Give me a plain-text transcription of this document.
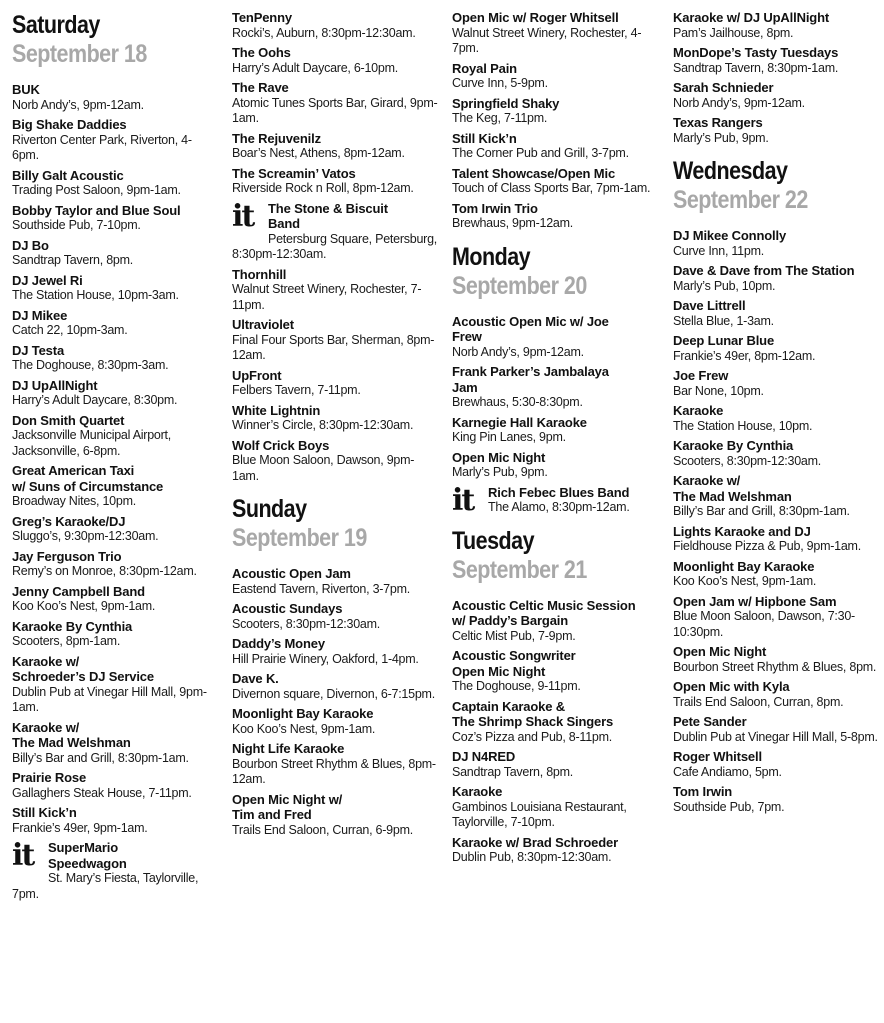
Saturday
September 18
BUK
Norb Andy’s, 9pm-12am.
Big Shake Daddies
Riverton Center Park, Riverton, 4-6pm.
Billy Galt Acoustic
Trading Post Saloon, 9pm-1am.
Bobby Taylor and Blue Soul
Southside Pub, 7-10pm.
DJ Bo
Sandtrap Tavern, 8pm.
DJ Jewel Ri
The Station House, 10pm-3am.
DJ Mikee
Catch 22, 10pm-3am.
DJ Testa
The Doghouse, 8:30pm-3am.
DJ UpAllNight
Harry’s Adult Daycare, 8:30pm.
Don Smith Quartet
Jacksonville Municipal Airport, Jacksonville, 6-8pm.
Great American Taxi
w/ Suns of Circumstance
Broadway Nites, 10pm.
Greg’s Karaoke/DJ
Sluggo’s, 9:30pm-12:30am.
Jay Ferguson Trio
Remy’s on Monroe, 8:30pm-12am.
Jenny Campbell Band
Koo Koo’s Nest, 9pm-1am.
Karaoke By Cynthia
Scooters, 8pm-1am.
Karaoke w/
Schroeder’s DJ Service
Dublin Pub at Vinegar Hill Mall, 9pm-1am.
Karaoke w/
The Mad Welshman
Billy’s Bar and Grill, 8:30pm-1am.
Prairie Rose
Gallaghers Steak House, 7-11pm.
Still Kick’n
Frankie’s 49er, 9pm-1am.
it	SuperMario
Speedwagon
St. Mary’s Fiesta, Taylorville, 7pm.
TenPenny
Rocki’s, Auburn, 8:30pm-12:30am.
The Oohs
Harry’s Adult Daycare, 6-10pm.
The Rave
Atomic Tunes Sports Bar, Girard, 9pm-1am.
The Rejuvenilz
Boar’s Nest, Athens, 8pm-12am.
The Screamin’ Vatos
Riverside Rock n Roll, 8pm-12am.
it	The Stone & Biscuit
Band
Petersburg Square, Petersburg, 8:30pm-12:30am.
Thornhill
Walnut Street Winery, Rochester, 7-11pm.
Ultraviolet
Final Four Sports Bar, Sherman, 8pm-12am.
UpFront
Felbers Tavern, 7-11pm.
White Lightnin
Winner’s Circle, 8:30pm-12:30am.
Wolf Crick Boys
Blue Moon Saloon, Dawson, 9pm-1am.
Sunday
September 19
Acoustic Open Jam
Eastend Tavern, Riverton, 3-7pm.
Acoustic Sundays
Scooters, 8:30pm-12:30am.
Daddy’s Money
Hill Prairie Winery, Oakford, 1-4pm.
Dave K.
Divernon square, Divernon, 6-7:15pm.
Moonlight Bay Karaoke
Koo Koo’s Nest, 9pm-1am.
Night Life Karaoke
Bourbon Street Rhythm & Blues, 8pm-12am.
Open Mic Night w/
Tim and Fred
Trails End Saloon, Curran, 6-9pm.
Open Mic w/ Roger Whitsell
Walnut Street Winery, Rochester, 4-7pm.
Royal Pain
Curve Inn, 5-9pm.
Springfield Shaky
The Keg, 7-11pm.
Still Kick’n
The Corner Pub and Grill, 3-7pm.
Talent Showcase/Open Mic
Touch of Class Sports Bar, 7pm-1am.
Tom Irwin Trio
Brewhaus, 9pm-12am.
Monday
September 20
Acoustic Open Mic w/ Joe
Frew
Norb Andy’s, 9pm-12am.
Frank Parker’s Jambalaya
Jam
Brewhaus, 5:30-8:30pm.
Karnegie Hall Karaoke
King Pin Lanes, 9pm.
Open Mic Night
Marly’s Pub, 9pm.
it	Rich Febec Blues Band
The Alamo, 8:30pm-12am.
Tuesday
September 21
Acoustic Celtic Music Session
w/ Paddy’s Bargain
Celtic Mist Pub, 7-9pm.
Acoustic Songwriter
Open Mic Night
The Doghouse, 9-11pm.
Captain Karaoke &
The Shrimp Shack Singers
Coz’s Pizza and Pub, 8-11pm.
DJ N4RED
Sandtrap Tavern, 8pm.
Karaoke
Gambinos Louisiana Restaurant, Taylorville, 7-10pm.
Karaoke w/ Brad Schroeder
Dublin Pub, 8:30pm-12:30am.
Karaoke w/ DJ UpAllNight
Pam’s Jailhouse, 8pm.
MonDope’s Tasty Tuesdays
Sandtrap Tavern, 8:30pm-1am.
Sarah Schnieder
Norb Andy’s, 9pm-12am.
Texas Rangers
Marly’s Pub, 9pm.
Wednesday
September 22
DJ Mikee Connolly
Curve Inn, 11pm.
Dave & Dave from The Station
Marly’s Pub, 10pm.
Dave Littrell
Stella Blue, 1-3am.
Deep Lunar Blue
Frankie’s 49er, 8pm-12am.
Joe Frew
Bar None, 10pm.
Karaoke
The Station House, 10pm.
Karaoke By Cynthia
Scooters, 8:30pm-12:30am.
Karaoke w/
The Mad Welshman
Billy’s Bar and Grill, 8:30pm-1am.
Lights Karaoke and DJ
Fieldhouse Pizza & Pub, 9pm-1am.
Moonlight Bay Karaoke
Koo Koo’s Nest, 9pm-1am.
Open Jam w/ Hipbone Sam
Blue Moon Saloon, Dawson, 7:30-10:30pm.
Open Mic Night
Bourbon Street Rhythm & Blues, 8pm.
Open Mic with Kyla
Trails End Saloon, Curran, 8pm.
Pete Sander
Dublin Pub at Vinegar Hill Mall, 5-8pm.
Roger Whitsell
Cafe Andiamo, 5pm.
Tom Irwin
Southside Pub, 7pm.
